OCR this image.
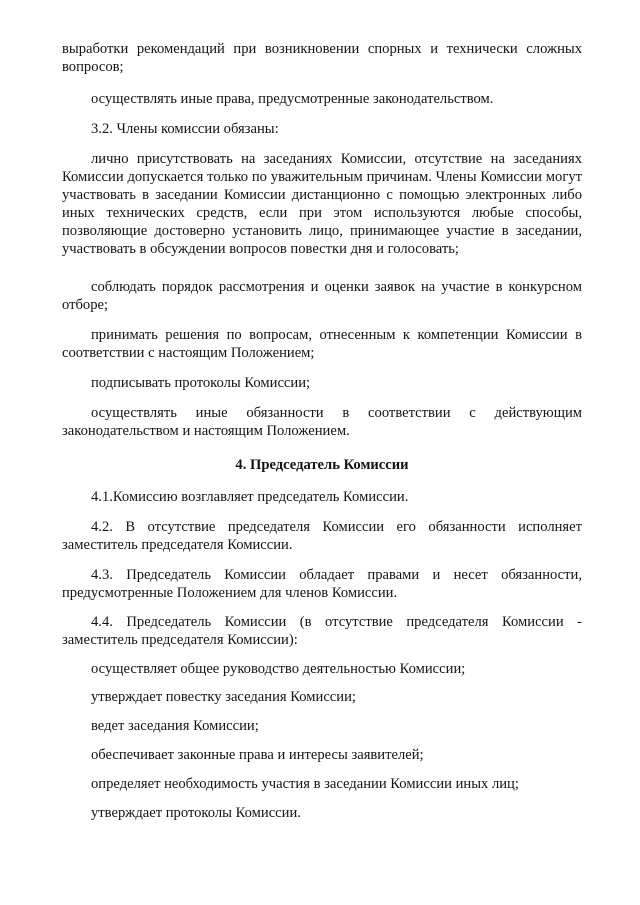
выработки рекомендаций при возникновении спорных и технически сложных вопросов;

осуществлять иные права, предусмотренные законодательством.

3.2. Члены комиссии обязаны:

лично присутствовать на заседаниях Комиссии, отсутствие на заседаниях Комиссии допускается только по уважительным причинам. Члены Комиссии могут участвовать в заседании Комиссии дистанционно с помощью электронных либо иных технических средств, если при этом используются любые способы, позволяющие достоверно установить лицо, принимающее участие в заседании, участвовать в обсуждении вопросов повестки дня и голосовать;

соблюдать порядок рассмотрения и оценки заявок на участие в конкурсном отборе;

принимать решения по вопросам, отнесенным к компетенции Комиссии в соответствии с настоящим Положением;

подписывать протоколы Комиссии;

осуществлять иные обязанности в соответствии с действующим законодательством и настоящим Положением.

4. Председатель Комиссии

4.1.Комиссию возглавляет председатель Комиссии.

4.2. В отсутствие председателя Комиссии его обязанности исполняет заместитель председателя Комиссии.

4.3. Председатель Комиссии обладает правами и несет обязанности, предусмотренные Положением для членов Комиссии.

4.4. Председатель Комиссии (в отсутствие председателя Комиссии - заместитель председателя Комиссии):

осуществляет общее руководство деятельностью Комиссии;

утверждает повестку заседания Комиссии;

ведет заседания Комиссии;

обеспечивает законные права и интересы заявителей;

определяет необходимость участия в заседании Комиссии иных лиц;

утверждает протоколы Комиссии.
